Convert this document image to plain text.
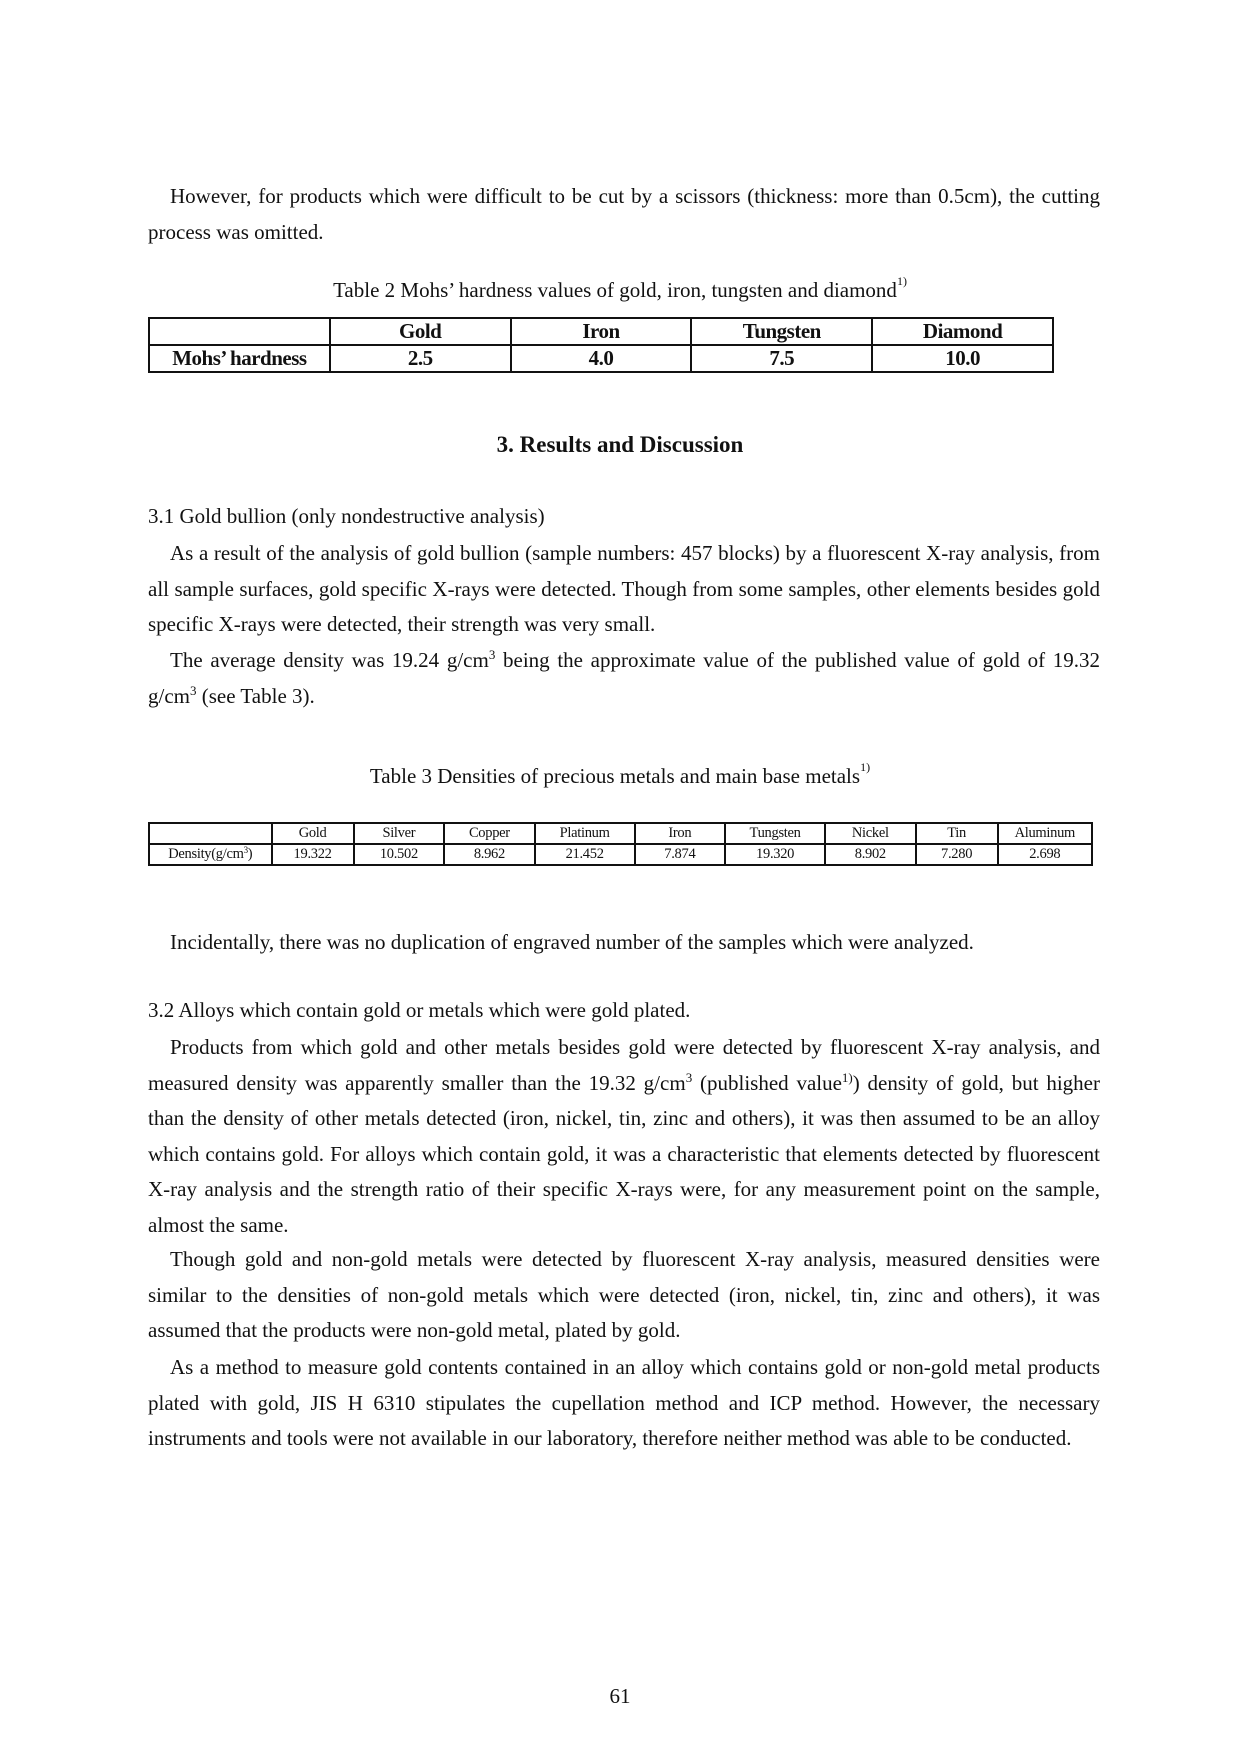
However, for products which were difficult to be cut by a scissors (thickness: more than 0.5cm), the cutting process was omitted.

Table 2 Mohs’ hardness values of gold, iron, tungsten and diamond$^{1)}$

	Gold	Iron	Tungsten	Diamond
Mohs’ hardness	2.5	4.0	7.5	10.0

3. Results and Discussion

3.1 Gold bullion (only nondestructive analysis)

As a result of the analysis of gold bullion (sample numbers: 457 blocks) by a fluorescent X-ray analysis, from all sample surfaces, gold specific X-rays were detected. Though from some samples, other elements besides gold specific X-rays were detected, their strength was very small.

The average density was 19.24 $g/cm^3$ being the approximate value of the published value of gold of 19.32 $g/cm^3$ (see Table 3).

Table 3 Densities of precious metals and main base metals$^{1)}$

	Gold	Silver	Copper	Platinum	Iron	Tungsten	Nickel	Tin	Aluminum
$Density(g/cm^3)$	19.322	10.502	8.962	21.452	7.874	19.320	8.902	7.280	2.698

Incidentally, there was no duplication of engraved number of the samples which were analyzed.

3.2 Alloys which contain gold or metals which were gold plated.

Products from which gold and other metals besides gold were detected by fluorescent X-ray analysis, and measured density was apparently smaller than the 19.32 $g/cm^3$ (published value$^{1)}$) density of gold, but higher than the density of other metals detected (iron, nickel, tin, zinc and others), it was then assumed to be an alloy which contains gold. For alloys which contain gold, it was a characteristic that elements detected by fluorescent X-ray analysis and the strength ratio of their specific X-rays were, for any measurement point on the sample, almost the same.

Though gold and non-gold metals were detected by fluorescent X-ray analysis, measured densities were similar to the densities of non-gold metals which were detected (iron, nickel, tin, zinc and others), it was assumed that the products were non-gold metal, plated by gold.

As a method to measure gold contents contained in an alloy which contains gold or non-gold metal products plated with gold, JIS H 6310 stipulates the cupellation method and ICP method. However, the necessary instruments and tools were not available in our laboratory, therefore neither method was able to be conducted.

61
